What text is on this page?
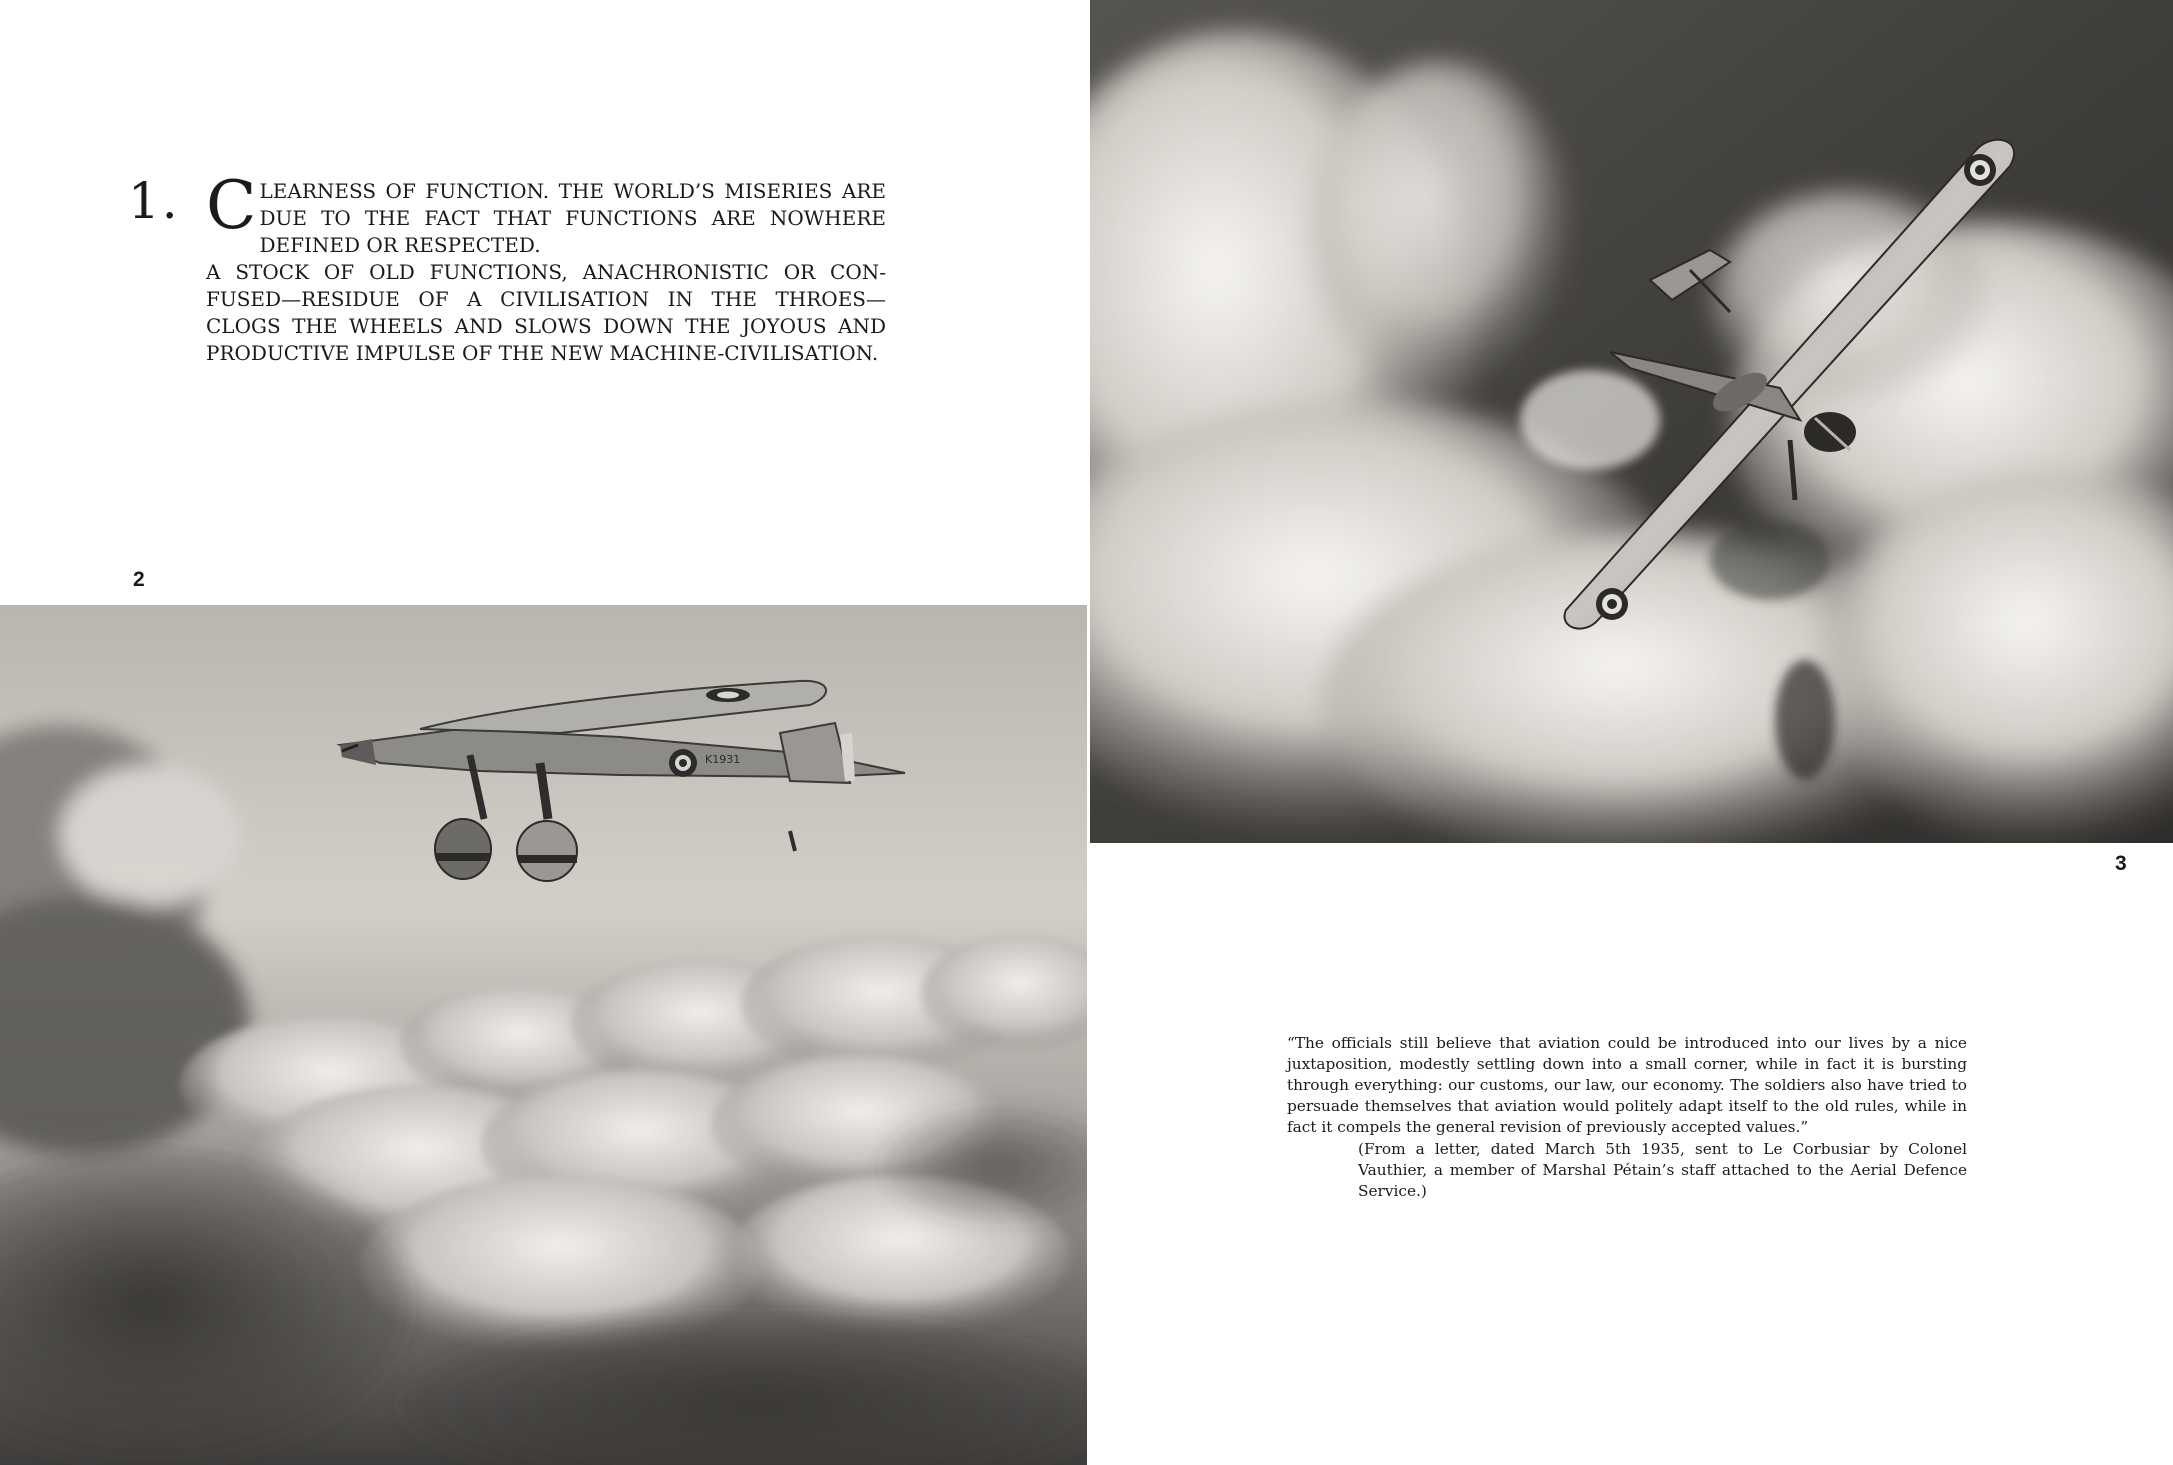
1. CLEARNESS OF FUNCTION. THE WORLD’S MISERIES ARE DUE TO THE FACT THAT FUNCTIONS ARE NOWHERE DEFINED OR RESPECTED.

A STOCK OF OLD FUNCTIONS, ANACHRONISTIC OR CON-FUSED—RESIDUE OF A CIVILISATION IN THE THROES—CLOGS THE WHEELS AND SLOWS DOWN THE JOYOUS AND PRODUCTIVE IMPULSE OF THE NEW MACHINE-CIVILISATION.

2
K1931
3

“The officials still believe that aviation could be introduced into our lives by a nice juxtaposition, modestly settling down into a small corner, while in fact it is bursting through everything: our customs, our law, our economy. The soldiers also have tried to persuade themselves that aviation would politely adapt itself to the old rules, while in fact it compels the general revision of previously accepted values.”

(From a letter, dated March 5th 1935, sent to Le Corbusiar by Colonel Vauthier, a member of Marshal Pétain’s staff attached to the Aerial Defence Service.)
